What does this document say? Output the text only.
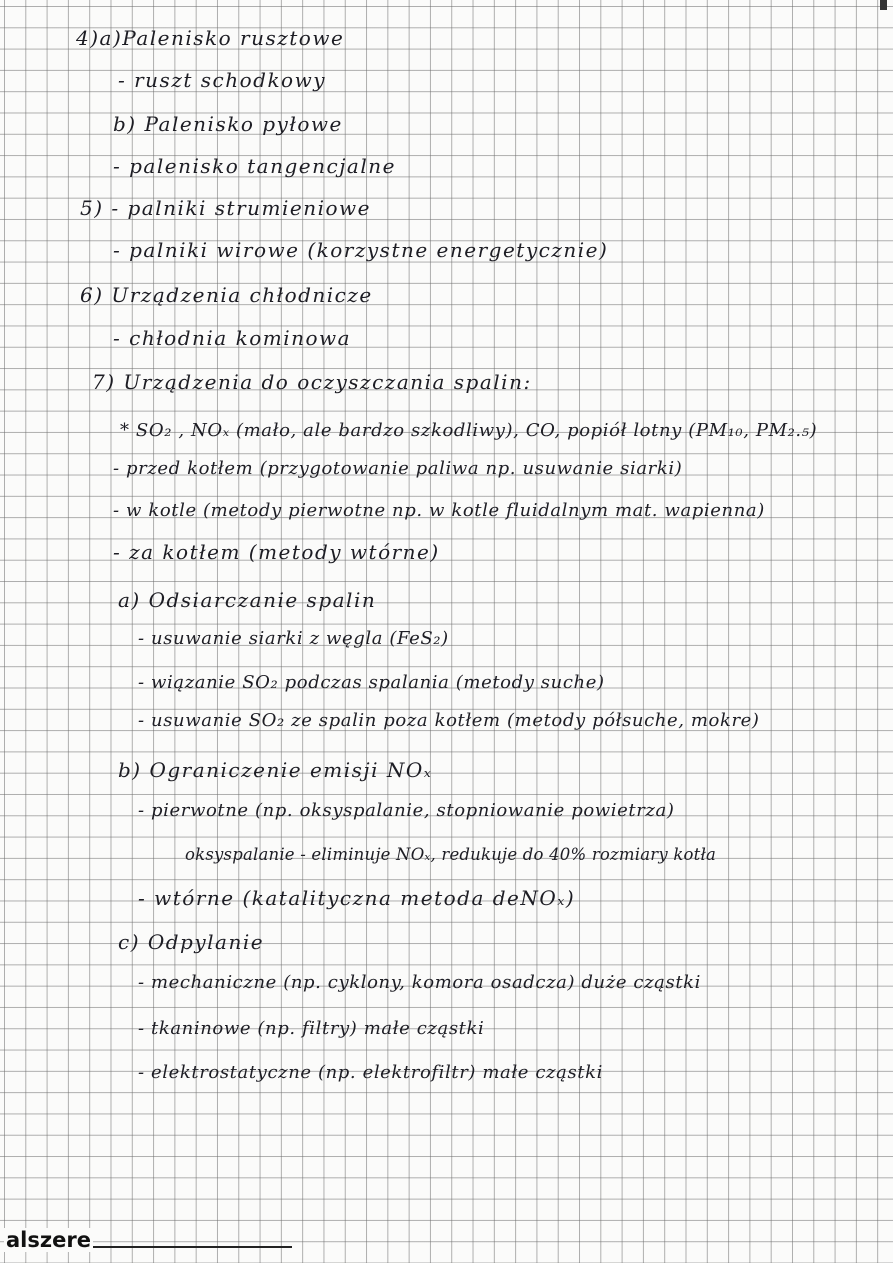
4)a)Palenisko rusztowe
- ruszt schodkowy
b) Palenisko pyłowe
- palenisko tangencjalne
5) - palniki strumieniowe
- palniki wirowe (korzystne energetycznie)
6) Urządzenia chłodnicze
- chłodnia kominowa
7) Urządzenia do oczyszczania spalin:
* SO₂ , NOₓ (mało, ale bardzo szkodliwy), CO, popiół lotny (PM₁₀, PM₂.₅)
- przed kotłem (przygotowanie paliwa np. usuwanie siarki)
- w kotle (metody pierwotne np. w kotle fluidalnym mat. wapienna)
- za kotłem (metody wtórne)
a) Odsiarczanie spalin
- usuwanie siarki z węgla (FeS₂)
- wiązanie SO₂ podczas spalania (metody suche)
- usuwanie SO₂ ze spalin poza kotłem (metody półsuche, mokre)
b) Ograniczenie emisji NOₓ
- pierwotne (np. oksyspalanie, stopniowanie powietrza)
oksyspalanie - eliminuje NOₓ, redukuje do 40% rozmiary kotła
- wtórne (katalityczna metoda deNOₓ)
c) Odpylanie
- mechaniczne (np. cyklony, komora osadcza) duże cząstki
- tkaninowe (np. filtry) małe cząstki
- elektrostatyczne (np. elektrofiltr) małe cząstki
alszere
